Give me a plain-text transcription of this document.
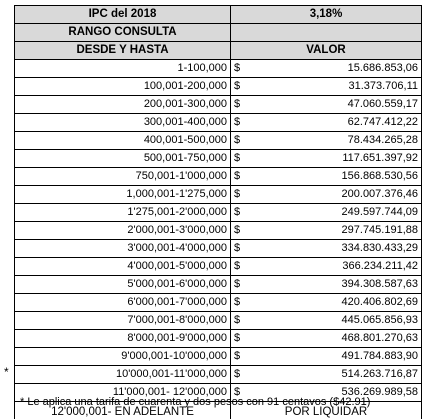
IPC del 2018	3,18%
RANGO CONSULTA	
DESDE Y HASTA	VALOR
1-100,000	$ 15.686.853,06

100,001-200,000	$ 31.373.706,11

200,001-300,000	$ 47.060.559,17

300,001-400,000	$ 62.747.412,22

400,001-500,000	$ 78.434.265,28

500,001-750,000	$ 117.651.397,92

750,001-1'000,000	$ 156.868.530,56

1,000,001-1'275,000	$ 200.007.376,46

1'275,001-2'000,000	$ 249.597.744,09

2'000,001-3'000,000	$ 297.745.191,88

3'000,001-4'000,000	$ 334.830.433,29

4'000,001-5'000,000	$ 366.234.211,42

5'000,001-6'000,000	$ 394.308.587,63

6'000,001-7'000,000	$ 420.406.802,69

7'000,001-8'000,000	$ 445.065.856,93

8'000,001-9'000,000	$ 468.801.270,63

9'000,001-10'000,000	$ 491.784.883,90

10'000,001-11'000,000	$ 514.263.716,87

11'000,001- 12'000,000	$ 536.269.989,58

12'000,001- EN ADELANTE	POR LIQUIDAR
*
* Le aplica una tarifa de cuarenta y dos pesos con 91 centavos ($42.91)
